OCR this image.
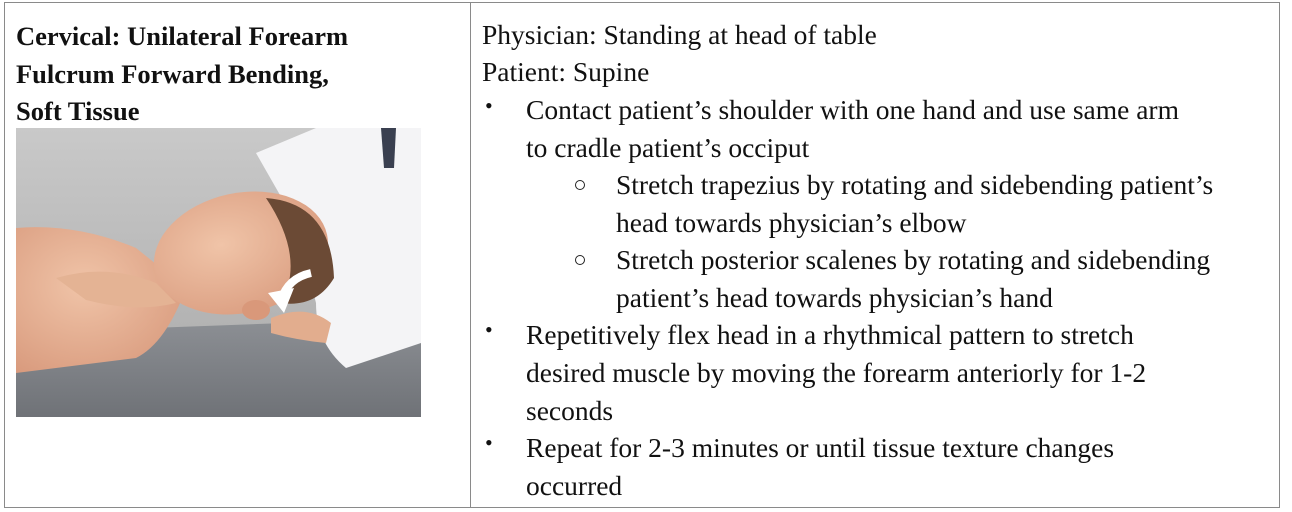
Cervical: Unilateral Forearm
Fulcrum Forward Bending,
Soft Tissue
Physician: Standing at head of table
Patient: Supine
• Contact patient’s shoulder with one hand and use same arm
to cradle patient’s occiput
Stretch trapezius by rotating and sidebending patient’s
head towards physician’s elbow
Stretch posterior scalenes by rotating and sidebending
patient’s head towards physician’s hand
• Repetitively flex head in a rhythmical pattern to stretch
desired muscle by moving the forearm anteriorly for 1-2
seconds
• Repeat for 2-3 minutes or until tissue texture changes
occurred
